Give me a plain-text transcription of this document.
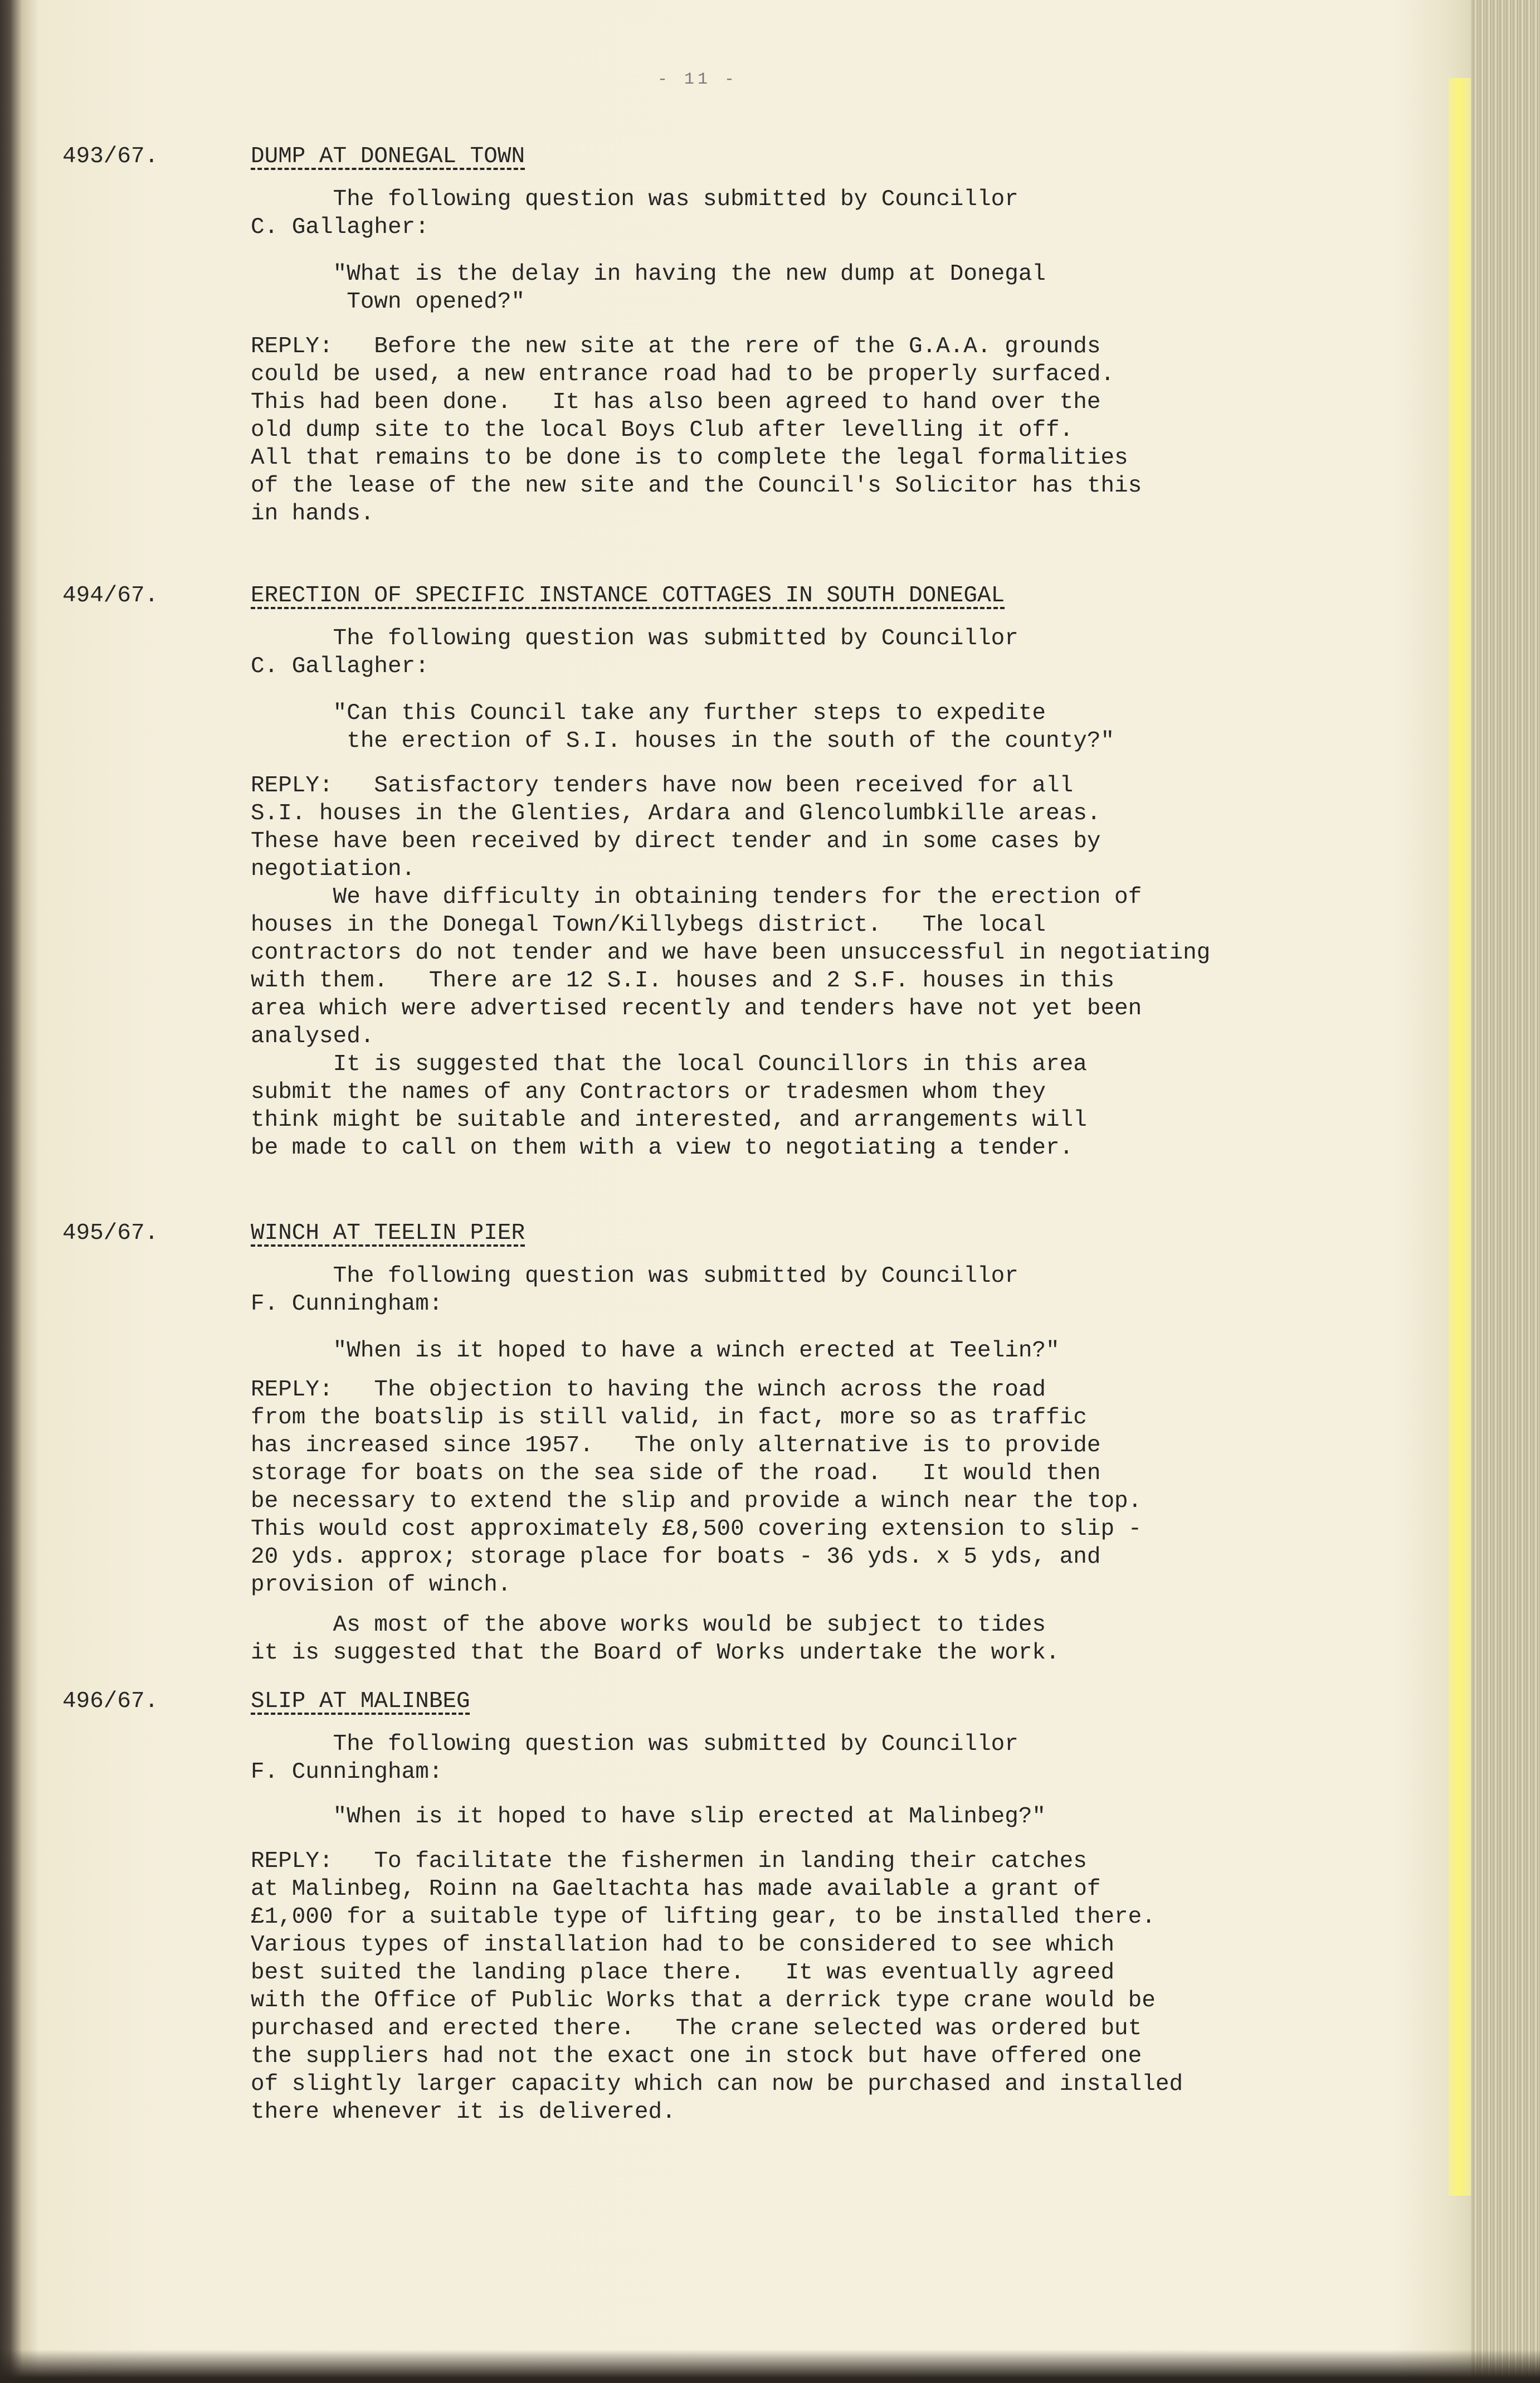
- 11 -
493/67.	DUMP AT DONEGAL TOWN
The following question was submitted by Councillor
C. Gallagher:
"What is the delay in having the new dump at Donegal
Town opened?"
REPLY:   Before the new site at the rere of the G.A.A. grounds
could be used, a new entrance road had to be properly surfaced.
This had been done.   It has also been agreed to hand over the
old dump site to the local Boys Club after levelling it off.
All that remains to be done is to complete the legal formalities
of the lease of the new site and the Council's Solicitor has this
in hands.
494/67.	ERECTION OF SPECIFIC INSTANCE COTTAGES IN SOUTH DONEGAL
The following question was submitted by Councillor
C. Gallagher:
"Can this Council take any further steps to expedite
the erection of S.I. houses in the south of the county?"
REPLY:   Satisfactory tenders have now been received for all
S.I. houses in the Glenties, Ardara and Glencolumbkille areas.
These have been received by direct tender and in some cases by
negotiation.
We have difficulty in obtaining tenders for the erection of
houses in the Donegal Town/Killybegs district.   The local
contractors do not tender and we have been unsuccessful in negotiating
with them.   There are 12 S.I. houses and 2 S.F. houses in this
area which were advertised recently and tenders have not yet been
analysed.
It is suggested that the local Councillors in this area
submit the names of any Contractors or tradesmen whom they
think might be suitable and interested, and arrangements will
be made to call on them with a view to negotiating a tender.
495/67.	WINCH AT TEELIN PIER
The following question was submitted by Councillor
F. Cunningham:
"When is it hoped to have a winch erected at Teelin?"
REPLY:   The objection to having the winch across the road
from the boatslip is still valid, in fact, more so as traffic
has increased since 1957.   The only alternative is to provide
storage for boats on the sea side of the road.   It would then
be necessary to extend the slip and provide a winch near the top.
This would cost approximately £8,500 covering extension to slip -
20 yds. approx; storage place for boats - 36 yds. x 5 yds, and
provision of winch.
As most of the above works would be subject to tides
it is suggested that the Board of Works undertake the work.
496/67.	SLIP AT MALINBEG
The following question was submitted by Councillor
F. Cunningham:
"When is it hoped to have slip erected at Malinbeg?"
REPLY:   To facilitate the fishermen in landing their catches
at Malinbeg, Roinn na Gaeltachta has made available a grant of
£1,000 for a suitable type of lifting gear, to be installed there.
Various types of installation had to be considered to see which
best suited the landing place there.   It was eventually agreed
with the Office of Public Works that a derrick type crane would be
purchased and erected there.   The crane selected was ordered but
the suppliers had not the exact one in stock but have offered one
of slightly larger capacity which can now be purchased and installed
there whenever it is delivered.
